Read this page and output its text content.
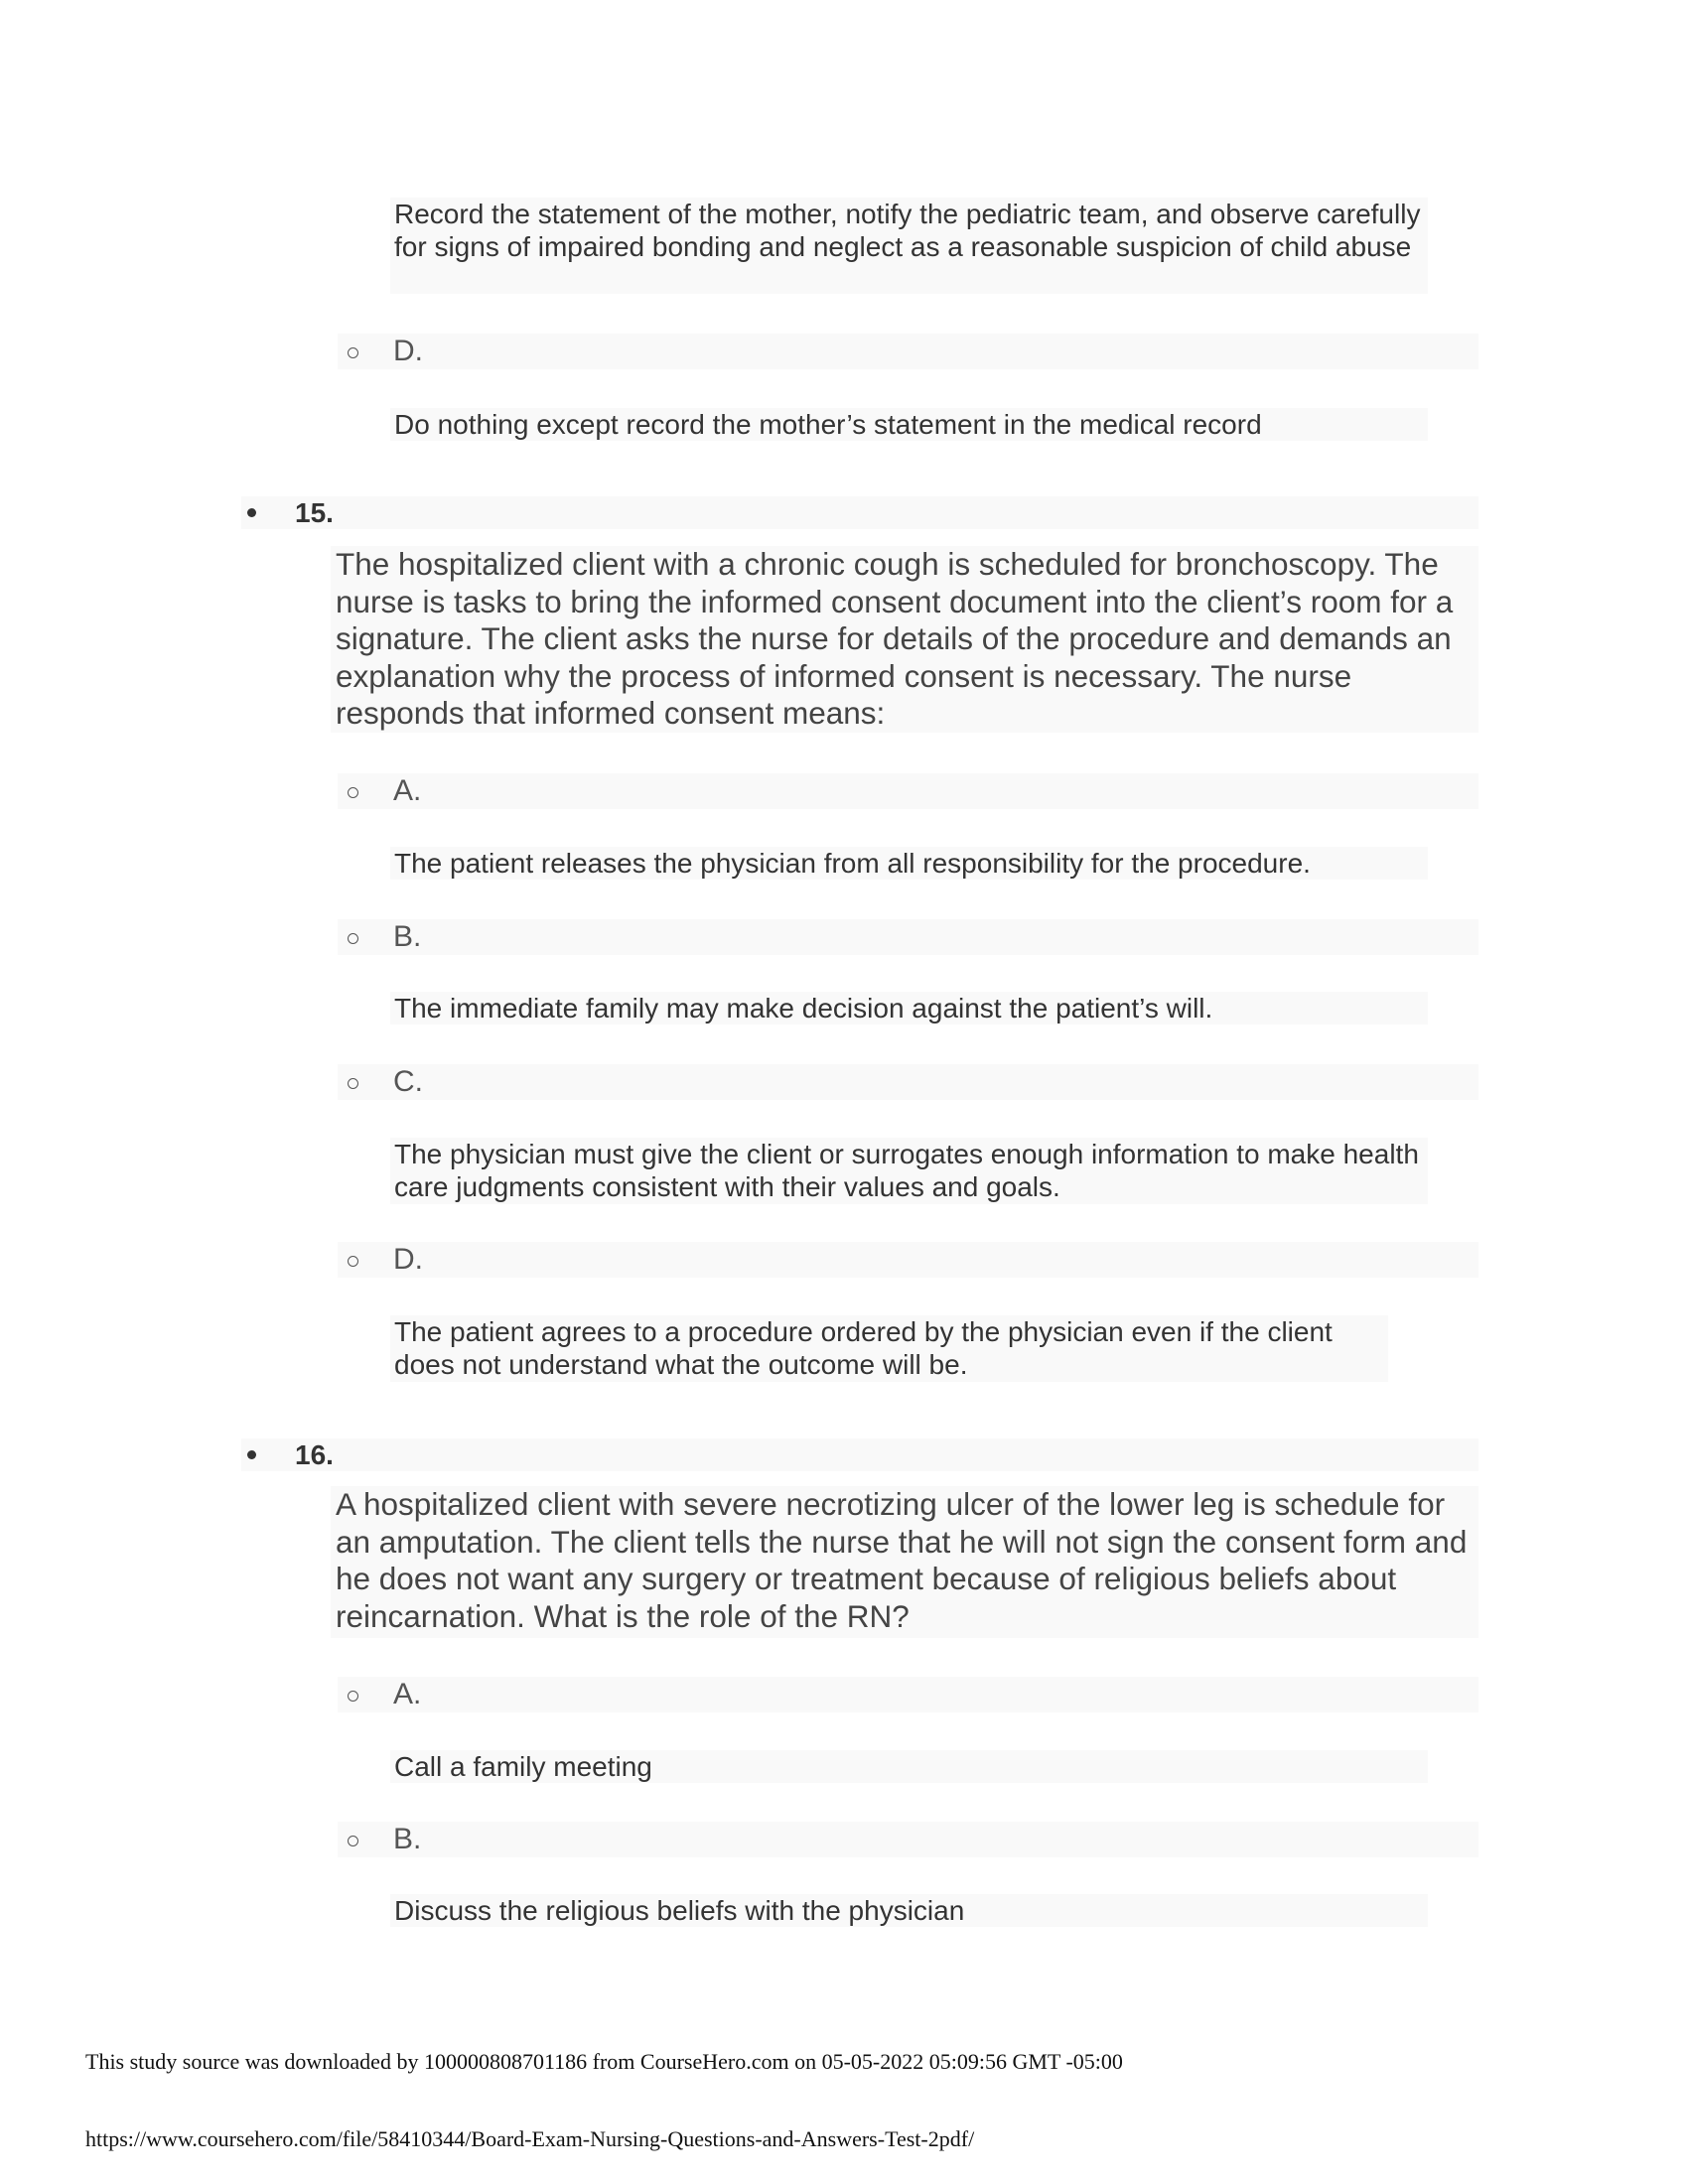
Record the statement of the mother, notify the pediatric team, and observe carefully for signs of impaired bonding and neglect as a reasonable suspicion of child abuse
D.
Do nothing except record the mother’s statement in the medical record
15.
The hospitalized client with a chronic cough is scheduled for bronchoscopy. The nurse is tasks to bring the informed consent document into the client’s room for a signature. The client asks the nurse for details of the procedure and demands an explanation why the process of informed consent is necessary. The nurse responds that informed consent means:
A.
The patient releases the physician from all responsibility for the procedure.
B.
The immediate family may make decision against the patient’s will.
C.
The physician must give the client or surrogates enough information to make health care judgments consistent with their values and goals.
D.
The patient agrees to a procedure ordered by the physician even if the client does not understand what the outcome will be.
16.
A hospitalized client with severe necrotizing ulcer of the lower leg is schedule for an amputation. The client tells the nurse that he will not sign the consent form and he does not want any surgery or treatment because of religious beliefs about reincarnation. What is the role of the RN?
A.
Call a family meeting
B.
Discuss the religious beliefs with the physician
This study source was downloaded by 100000808701186 from CourseHero.com on 05-05-2022 05:09:56 GMT -05:00
https://www.coursehero.com/file/58410344/Board-Exam-Nursing-Questions-and-Answers-Test-2pdf/
